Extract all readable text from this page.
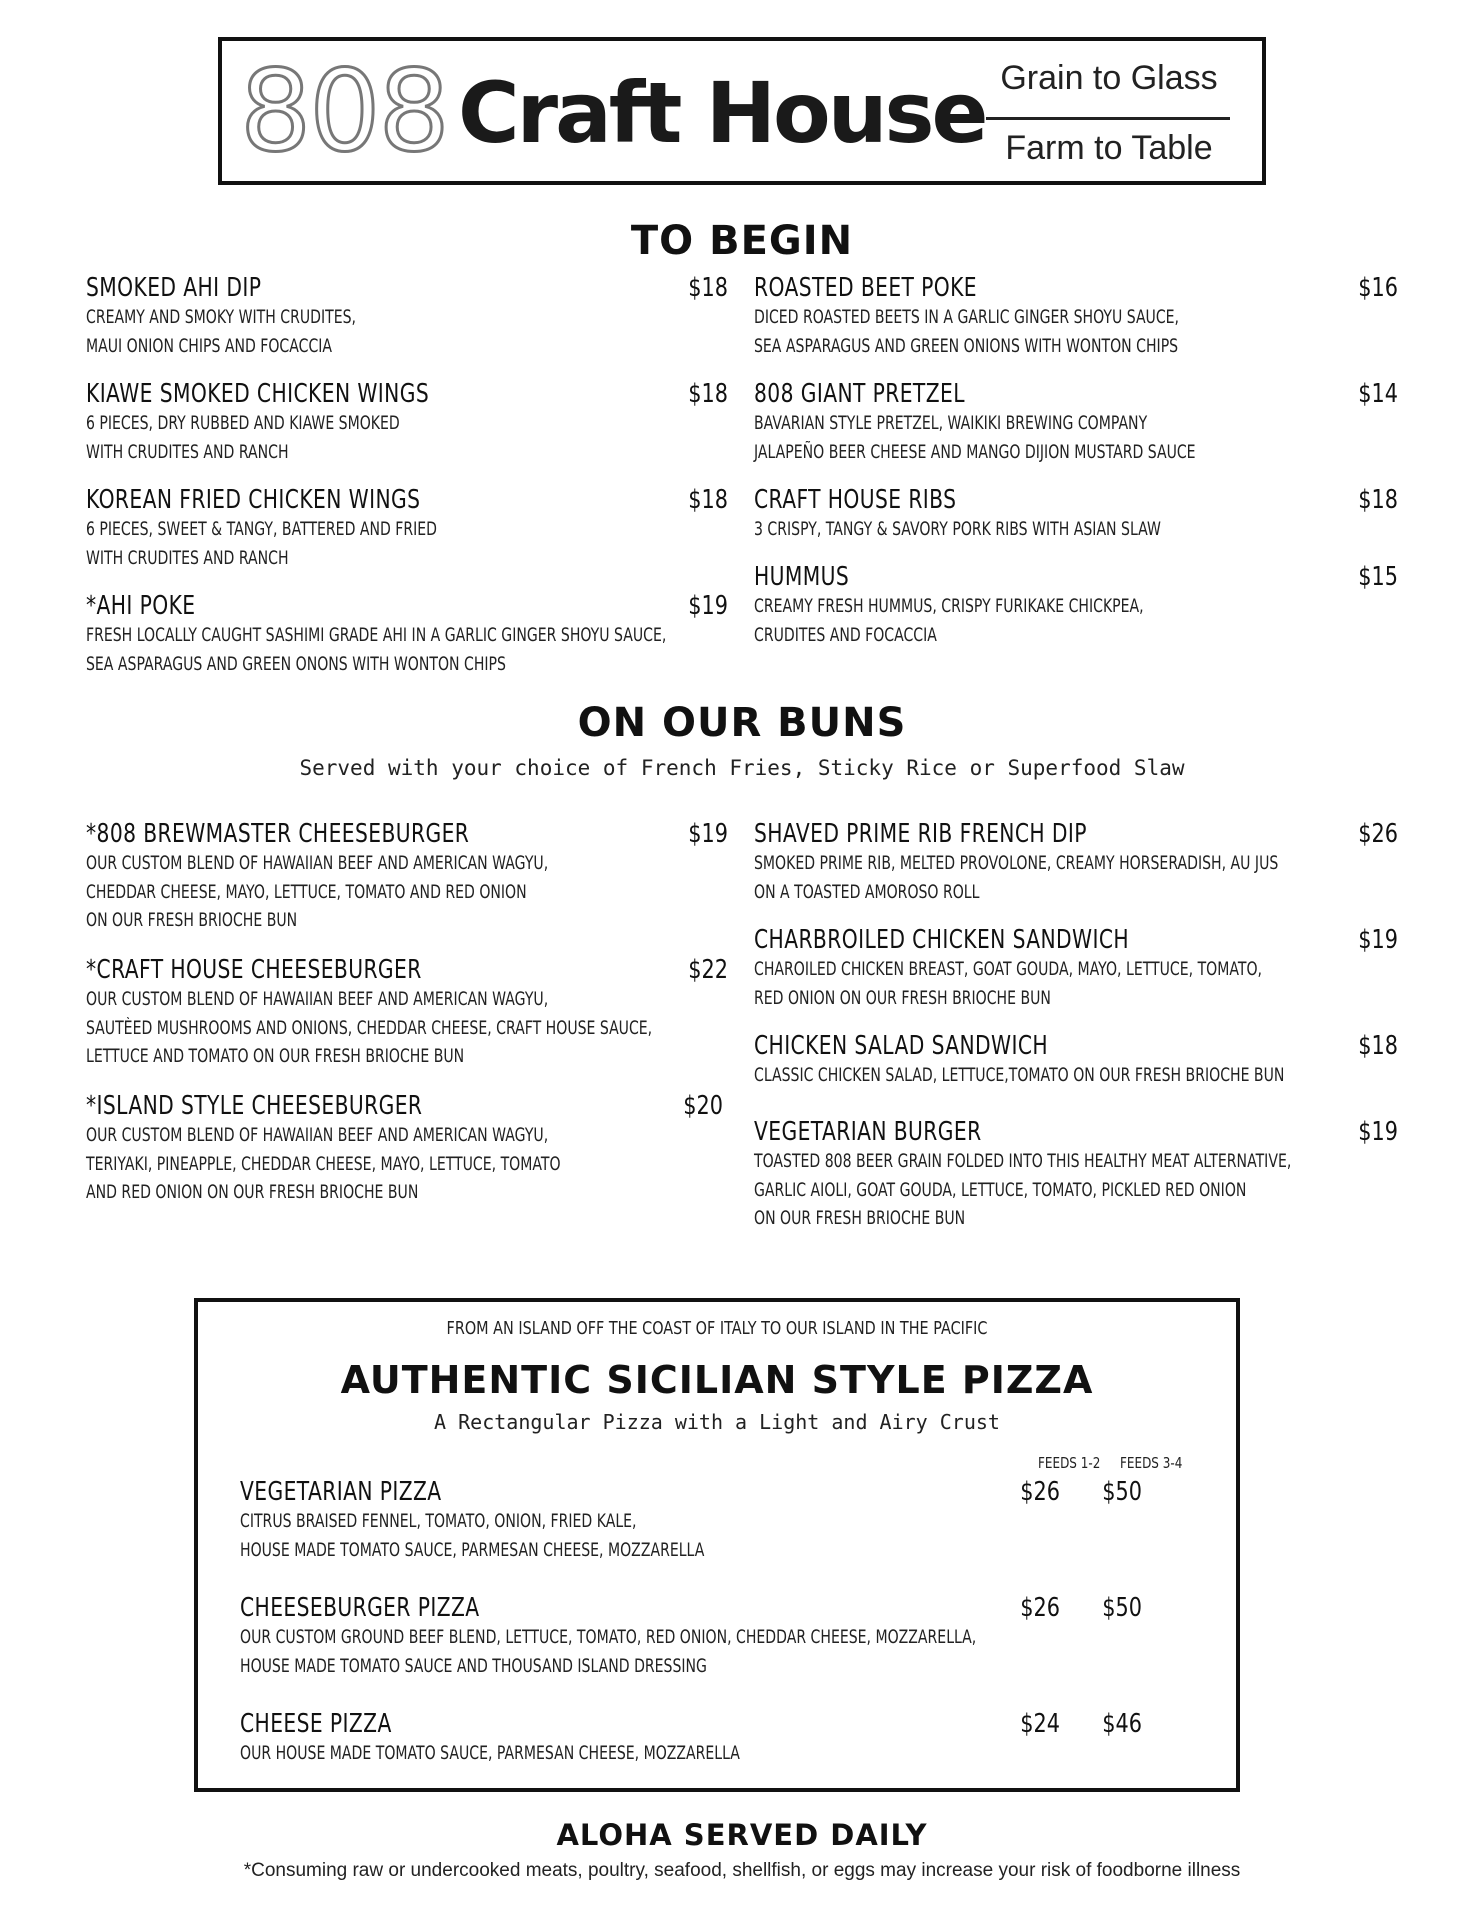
808 Craft House Grain to Glass
Farm to Table
TO BEGIN
SMOKED AHI DIP
CREAMY AND SMOKY WITH CRUDITES,
MAUI ONION CHIPS AND FOCACCIA
$18
KIAWE SMOKED CHICKEN WINGS
6 PIECES, DRY RUBBED AND KIAWE SMOKED
WITH CRUDITES AND RANCH
$18
KOREAN FRIED CHICKEN WINGS
6 PIECES, SWEET & TANGY, BATTERED AND FRIED
WITH CRUDITES AND RANCH
$18
*AHI POKE
FRESH LOCALLY CAUGHT SASHIMI GRADE AHI IN A GARLIC GINGER SHOYU SAUCE,
SEA ASPARAGUS AND GREEN ONONS WITH WONTON CHIPS
$19
ROASTED BEET POKE
DICED ROASTED BEETS IN A GARLIC GINGER SHOYU SAUCE,
SEA ASPARAGUS AND GREEN ONIONS WITH WONTON CHIPS
$16
808 GIANT PRETZEL
BAVARIAN STYLE PRETZEL, WAIKIKI BREWING COMPANY
JALAPEÑO BEER CHEESE AND MANGO DIJION MUSTARD SAUCE
$14
CRAFT HOUSE RIBS
3 CRISPY, TANGY & SAVORY PORK RIBS WITH ASIAN SLAW
$18
HUMMUS
CREAMY FRESH HUMMUS, CRISPY FURIKAKE CHICKPEA,
CRUDITES AND FOCACCIA
$15
ON OUR BUNS
Served with your choice of French Fries, Sticky Rice or Superfood Slaw
*808 BREWMASTER CHEESEBURGER
OUR CUSTOM BLEND OF HAWAIIAN BEEF AND AMERICAN WAGYU,
CHEDDAR CHEESE, MAYO, LETTUCE, TOMATO AND RED ONION
ON OUR FRESH BRIOCHE BUN
$19
*CRAFT HOUSE CHEESEBURGER
OUR CUSTOM BLEND OF HAWAIIAN BEEF AND AMERICAN WAGYU,
SAUTÈED MUSHROOMS AND ONIONS, CHEDDAR CHEESE, CRAFT HOUSE SAUCE,
LETTUCE AND TOMATO ON OUR FRESH BRIOCHE BUN
$22
*ISLAND STYLE CHEESEBURGER
OUR CUSTOM BLEND OF HAWAIIAN BEEF AND AMERICAN WAGYU,
TERIYAKI, PINEAPPLE, CHEDDAR CHEESE, MAYO, LETTUCE, TOMATO
AND RED ONION ON OUR FRESH BRIOCHE BUN
$20
SHAVED PRIME RIB FRENCH DIP
SMOKED PRIME RIB, MELTED PROVOLONE, CREAMY HORSERADISH, AU JUS
ON A TOASTED AMOROSO ROLL
$26
CHARBROILED CHICKEN SANDWICH
CHAROILED CHICKEN BREAST, GOAT GOUDA, MAYO, LETTUCE, TOMATO,
RED ONION ON OUR FRESH BRIOCHE BUN
$19
CHICKEN SALAD SANDWICH
CLASSIC CHICKEN SALAD, LETTUCE,TOMATO ON OUR FRESH BRIOCHE BUN
$18
VEGETARIAN BURGER
TOASTED 808 BEER GRAIN FOLDED INTO THIS HEALTHY MEAT ALTERNATIVE,
GARLIC AIOLI, GOAT GOUDA, LETTUCE, TOMATO, PICKLED RED ONION
ON OUR FRESH BRIOCHE BUN
$19
FROM AN ISLAND OFF THE COAST OF ITALY TO OUR ISLAND IN THE PACIFIC
AUTHENTIC SICILIAN STYLE PIZZA
A Rectangular Pizza with a Light and Airy Crust
FEEDS 1-2 FEEDS 3-4
VEGETARIAN PIZZA
CITRUS BRAISED FENNEL, TOMATO, ONION, FRIED KALE,
HOUSE MADE TOMATO SAUCE, PARMESAN CHEESE, MOZZARELLA
$26	$50
CHEESEBURGER PIZZA
OUR CUSTOM GROUND BEEF BLEND, LETTUCE, TOMATO, RED ONION, CHEDDAR CHEESE, MOZZARELLA,
HOUSE MADE TOMATO SAUCE AND THOUSAND ISLAND DRESSING
$26	$50
CHEESE PIZZA
OUR HOUSE MADE TOMATO SAUCE, PARMESAN CHEESE, MOZZARELLA
$24	$46
ALOHA SERVED DAILY
*Consuming raw or undercooked meats, poultry, seafood, shellfish, or eggs may increase your risk of foodborne illness
